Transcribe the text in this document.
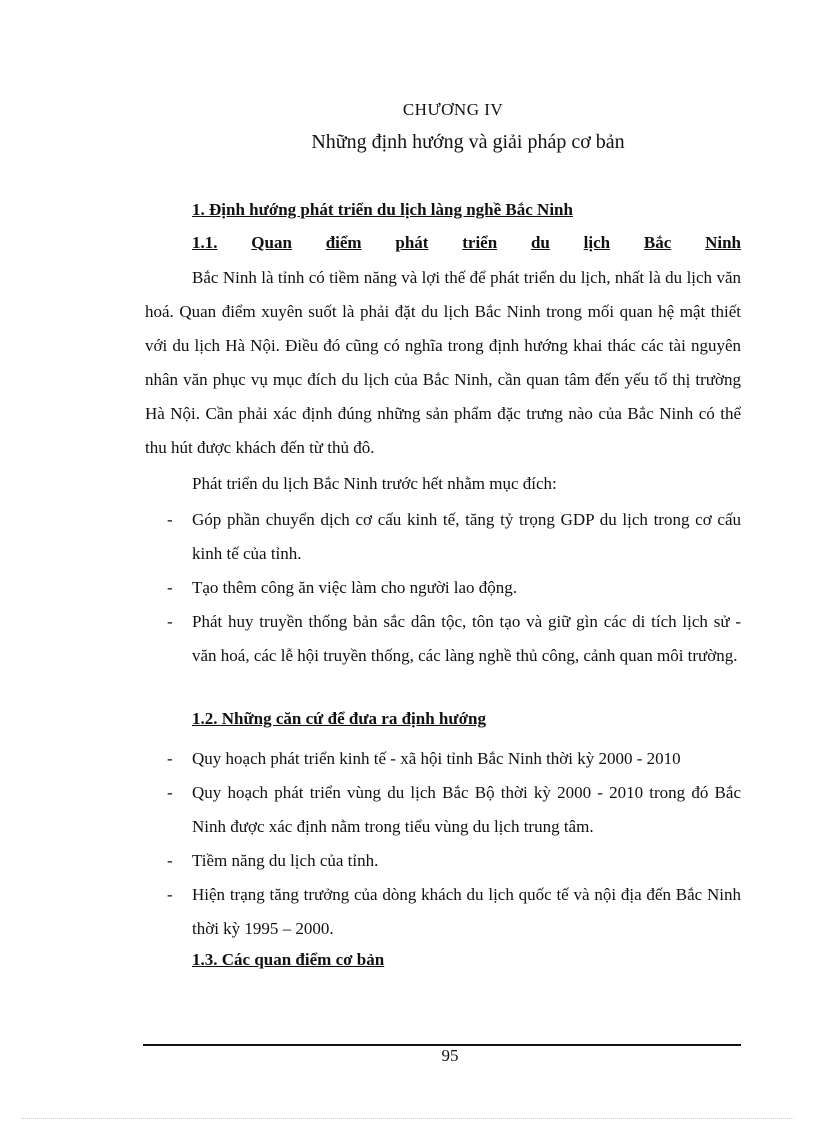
CHƯƠNG IV
Những định hướng và giải pháp cơ bản
1. Định hướng phát triển du lịch làng nghề Bắc Ninh
1.1. Quan điểm phát triển du lịch Bắc Ninh
Bắc Ninh là tỉnh có tiềm năng và lợi thế để phát triển du lịch, nhất là du lịch văn hoá. Quan điểm xuyên suốt là phải đặt du lịch Bắc Ninh trong mối quan hệ mật thiết với du lịch Hà Nội. Điều đó cũng có nghĩa trong định hướng khai thác các tài nguyên nhân văn phục vụ mục đích du lịch của Bắc Ninh, cần quan tâm đến yếu tố thị trường Hà Nội. Cần phải xác định đúng những sản phẩm đặc trưng nào của Bắc Ninh có thể thu hút được khách đến từ thủ đô.
Phát triển du lịch Bắc Ninh trước hết nhằm mục đích:
- Góp phần chuyển dịch cơ cấu kinh tế, tăng tỷ trọng GDP du lịch trong cơ cấu kinh tế của tỉnh.
- Tạo thêm công ăn việc làm cho người lao động.
- Phát huy truyền thống bản sắc dân tộc, tôn tạo và giữ gìn các di tích lịch sử - văn hoá, các lễ hội truyền thống, các làng nghề thủ công, cảnh quan môi trường.
1.2. Những căn cứ để đưa ra định hướng
- Quy hoạch phát triển kinh tế - xã hội tỉnh Bắc Ninh thời kỳ 2000 - 2010
- Quy hoạch phát triển vùng du lịch Bắc Bộ thời kỳ 2000 - 2010 trong đó Bắc Ninh được xác định nằm trong tiểu vùng du lịch trung tâm.
- Tiềm năng du lịch của tỉnh.
- Hiện trạng tăng trưởng của dòng khách du lịch quốc tế và nội địa đến Bắc Ninh thời kỳ 1995 – 2000.
1.3. Các quan điểm cơ bản
95
